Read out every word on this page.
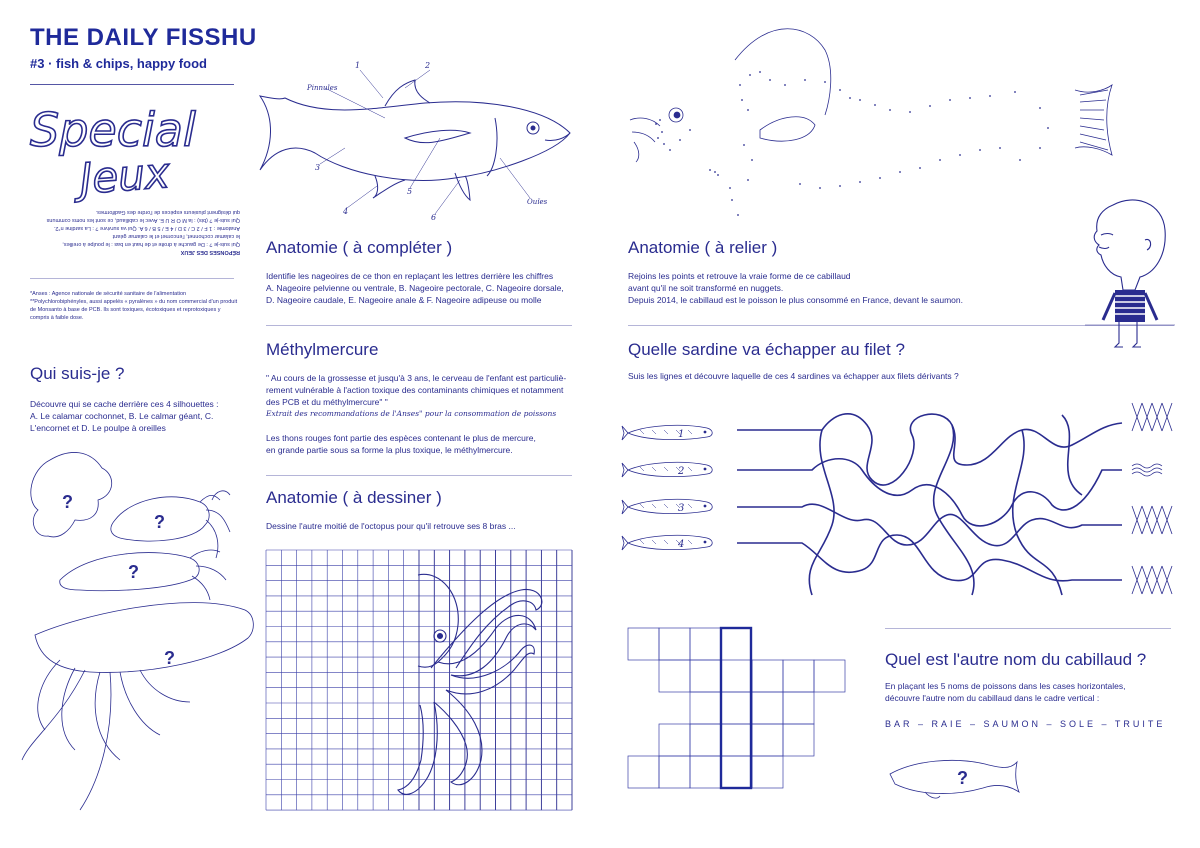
THE DAILY FISSHU
#3 · fish & chips, happy food
Special
Jeux
RÉPONSES DES JEUX
Qui suis-je ? : De gauche à droite et de haut en bas : le poulpe à oreilles,
le calamar cochonnet, l'encornet et le calamar géant
Anatomie : 1 F / 2 C / 3 D / 4 E / 5 B / 6 A. Qui va survivre ? : La sardine n°2.
Qui suis-je ? (bis) : la M O R U E. Avec le cabillaud, ce sont les noms communs
qui désignent plusieurs espèces de l'ordre des Gadiformes.
*Anses : Agence nationale de sécurité sanitaire de l'alimentation
**Polychlorobiphényles, aussi appelés « pyralènes » du nom commercial d'un produit de Monsanto à base de PCB. Ils sont toxiques, écotoxiques et reprotoxiques y compris à faible dose.
Qui suis-je ?
Découvre qui se cache derrière ces 4 silhouettes :
A. Le calamar cochonnet, B. Le calmar géant, C.
L'encornet et D. Le poulpe à oreilles
?
?
?
?
Pinnules
Ouïes
1	2
3
4
5
6
Anatomie ( à compléter )
Identifie les nageoires de ce thon en replaçant les lettres derrière les chiffres
A. Nageoire pelvienne ou ventrale, B. Nageoire pectorale, C. Nageoire dorsale,
D. Nageoire caudale, E. Nageoire anale & F. Nageoire adipeuse ou molle
Méthylmercure
" Au cours de la grossesse et jusqu'à 3 ans, le cerveau de l'enfant est particuliè-
rement vulnérable à l'action toxique des contaminants chimiques et notamment
des PCB et du méthylmercure" "
Extrait des recommandations de l'Anses" pour la consommation de poissons
Les thons rouges font partie des espèces contenant le plus de mercure,
en grande partie sous sa forme la plus toxique, le méthylmercure.
Anatomie ( à dessiner )
Dessine l'autre moitié de l'octopus pour qu'il retrouve ses 8 bras ...
Anatomie ( à relier )
Rejoins les points et retrouve la vraie forme de ce cabillaud
avant qu'il ne soit transformé en nuggets.
Depuis 2014, le cabillaud est le poisson le plus consommé en France, devant le saumon.
Quelle sardine va échapper au filet ?
Suis les lignes et découvre laquelle de ces 4 sardines va échapper aux filets dérivants ?
1
2
3
4
Quel est l'autre nom du cabillaud ?
En plaçant les 5 noms de poissons dans les cases horizontales,
découvre l'autre nom du cabillaud dans le cadre vertical :
BAR – RAIE – SAUMON – SOLE – TRUITE
?
